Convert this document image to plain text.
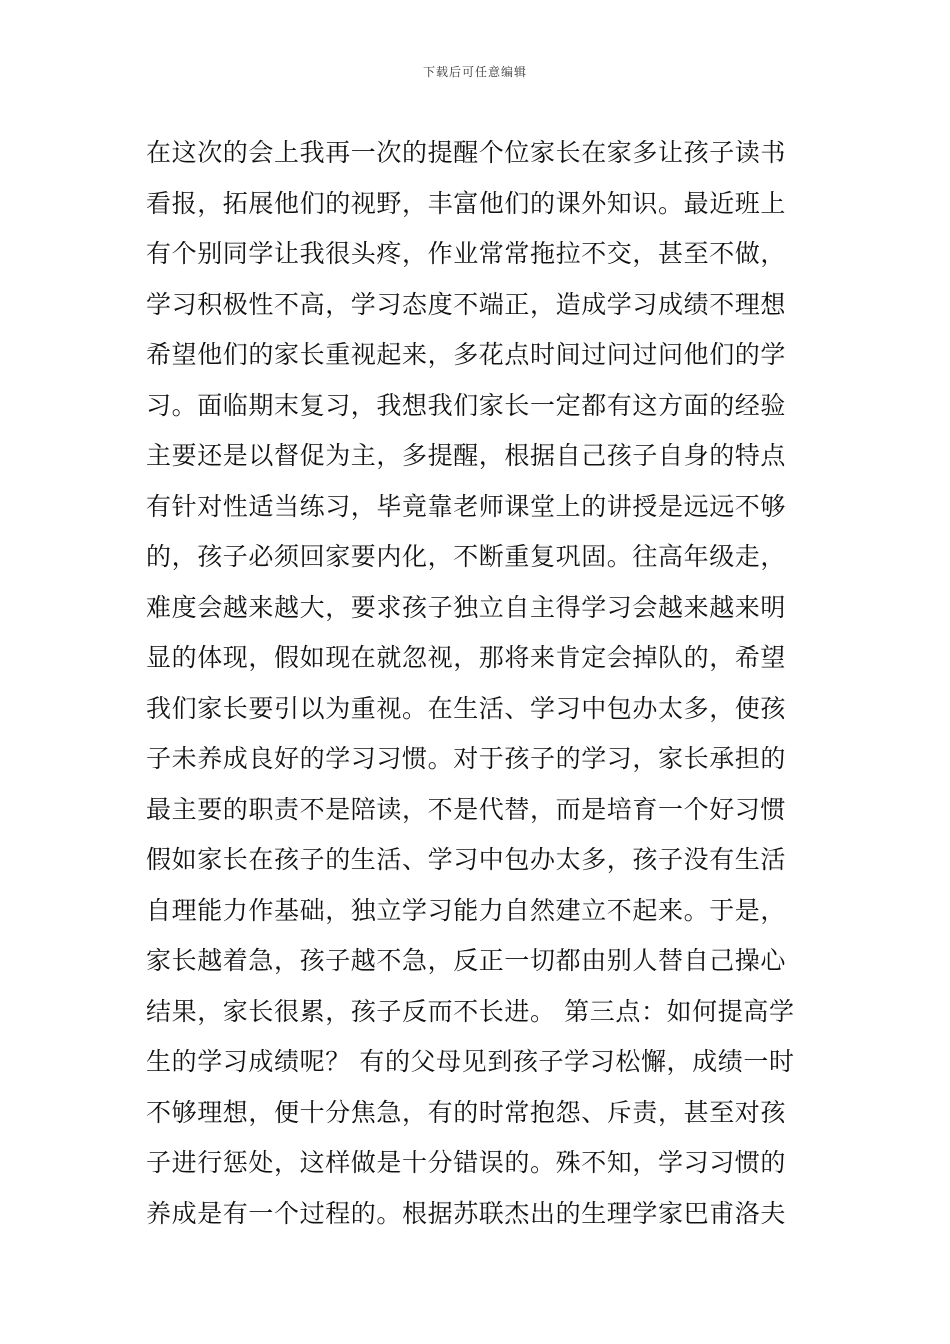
下载后可任意编辑
在这次的会上我再一次的提醒个位家长在家多让孩子读书
看报，拓展他们的视野，丰富他们的课外知识。最近班上
有个别同学让我很头疼，作业常常拖拉不交，甚至不做，
学习积极性不高，学习态度不端正，造成学习成绩不理想
希望他们的家长重视起来，多花点时间过问过问他们的学
习。面临期末复习，我想我们家长一定都有这方面的经验
主要还是以督促为主，多提醒，根据自己孩子自身的特点
有针对性适当练习，毕竟靠老师课堂上的讲授是远远不够
的，孩子必须回家要内化，不断重复巩固。往高年级走，
难度会越来越大，要求孩子独立自主得学习会越来越来明
显的体现，假如现在就忽视，那将来肯定会掉队的，希望
我们家长要引以为重视。在生活、学习中包办太多，使孩
子未养成良好的学习习惯。对于孩子的学习，家长承担的
最主要的职责不是陪读，不是代替，而是培育一个好习惯
假如家长在孩子的生活、学习中包办太多，孩子没有生活
自理能力作基础，独立学习能力自然建立不起来。于是，
家长越着急，孩子越不急，反正一切都由别人替自己操心
结果，家长很累，孩子反而不长进。 第三点：如何提高学
生的学习成绩呢？ 有的父母见到孩子学习松懈，成绩一时
不够理想，便十分焦急，有的时常抱怨、斥责，甚至对孩
子进行惩处，这样做是十分错误的。殊不知，学习习惯的
养成是有一个过程的。根据苏联杰出的生理学家巴甫洛夫
